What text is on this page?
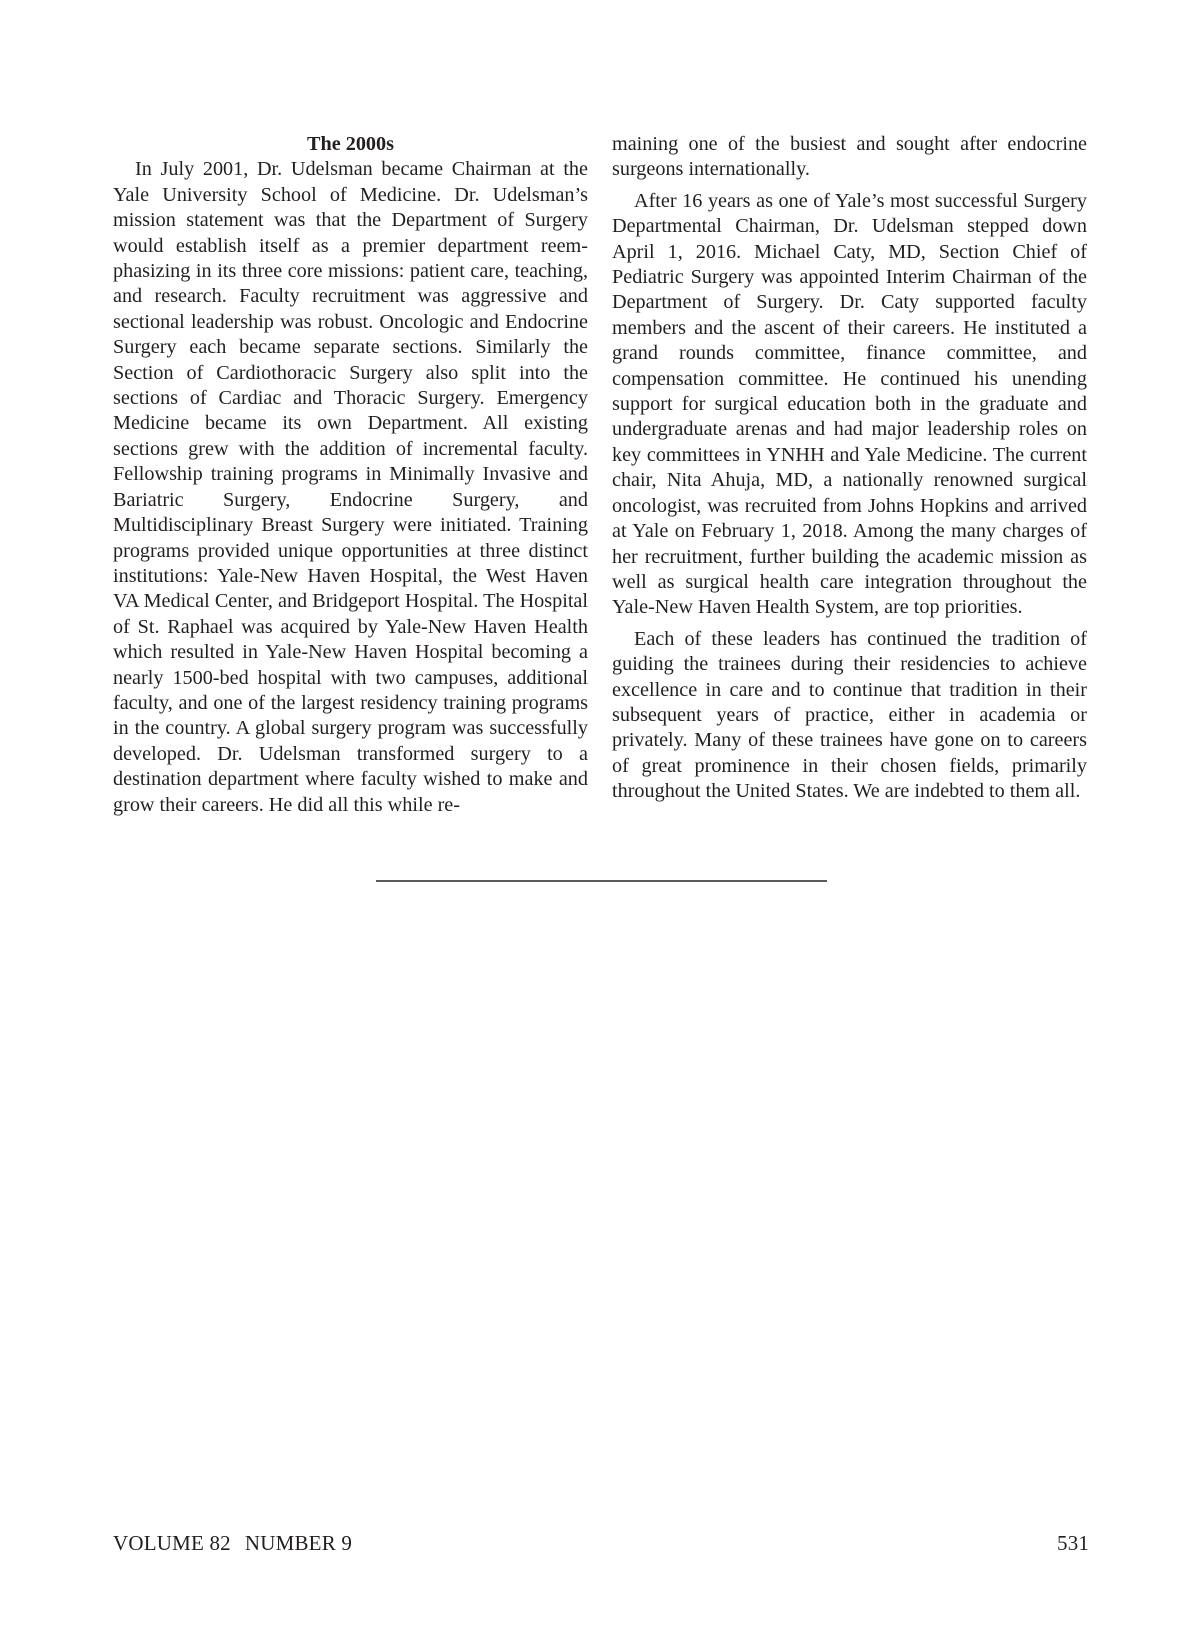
The 2000s

In July 2001, Dr. Udelsman became Chairman at the Yale University School of Medicine. Dr. Udelsman’s mission statement was that the Department of Surgery would establish itself as a premier department reemphasizing in its three core missions: patient care, teaching, and research. Faculty recruitment was aggressive and sectional leadership was robust. Oncologic and Endocrine Surgery each became separate sections. Similarly the Section of Cardiothoracic Surgery also split into the sections of Cardiac and Thoracic Surgery. Emergency Medicine became its own Department. All existing sections grew with the addition of incremental faculty. Fellowship training programs in Minimally Invasive and Bariatric Surgery, Endocrine Surgery, and Multidisciplinary Breast Surgery were initiated. Training programs provided unique opportunities at three distinct institutions: Yale-New Haven Hospital, the West Haven VA Medical Center, and Bridgeport Hospital. The Hospital of St. Raphael was acquired by Yale-New Haven Health which resulted in Yale-New Haven Hospital becoming a nearly 1500-bed hospital with two campuses, additional faculty, and one of the largest residency training programs in the country. A global surgery program was successfully developed. Dr. Udelsman transformed surgery to a destination department where faculty wished to make and grow their careers. He did all this while re-

maining one of the busiest and sought after endocrine surgeons internationally.

After 16 years as one of Yale’s most successful Surgery Departmental Chairman, Dr. Udelsman stepped down April 1, 2016. Michael Caty, MD, Section Chief of Pediatric Surgery was appointed Interim Chairman of the Department of Surgery. Dr. Caty supported faculty members and the ascent of their careers. He instituted a grand rounds committee, finance committee, and compensation committee. He continued his unending support for surgical education both in the graduate and undergraduate arenas and had major leadership roles on key committees in YNHH and Yale Medicine. The current chair, Nita Ahuja, MD, a nationally renowned surgical oncologist, was recruited from Johns Hopkins and arrived at Yale on February 1, 2018. Among the many charges of her recruitment, further building the academic mission as well as surgical health care integration throughout the Yale-New Haven Health System, are top priorities.

Each of these leaders has continued the tradition of guiding the trainees during their residencies to achieve excellence in care and to continue that tradition in their subsequent years of practice, either in academia or privately. Many of these trainees have gone on to careers of great prominence in their chosen fields, primarily throughout the United States. We are indebted to them all.

VOLUME 82 NUMBER 9	531
